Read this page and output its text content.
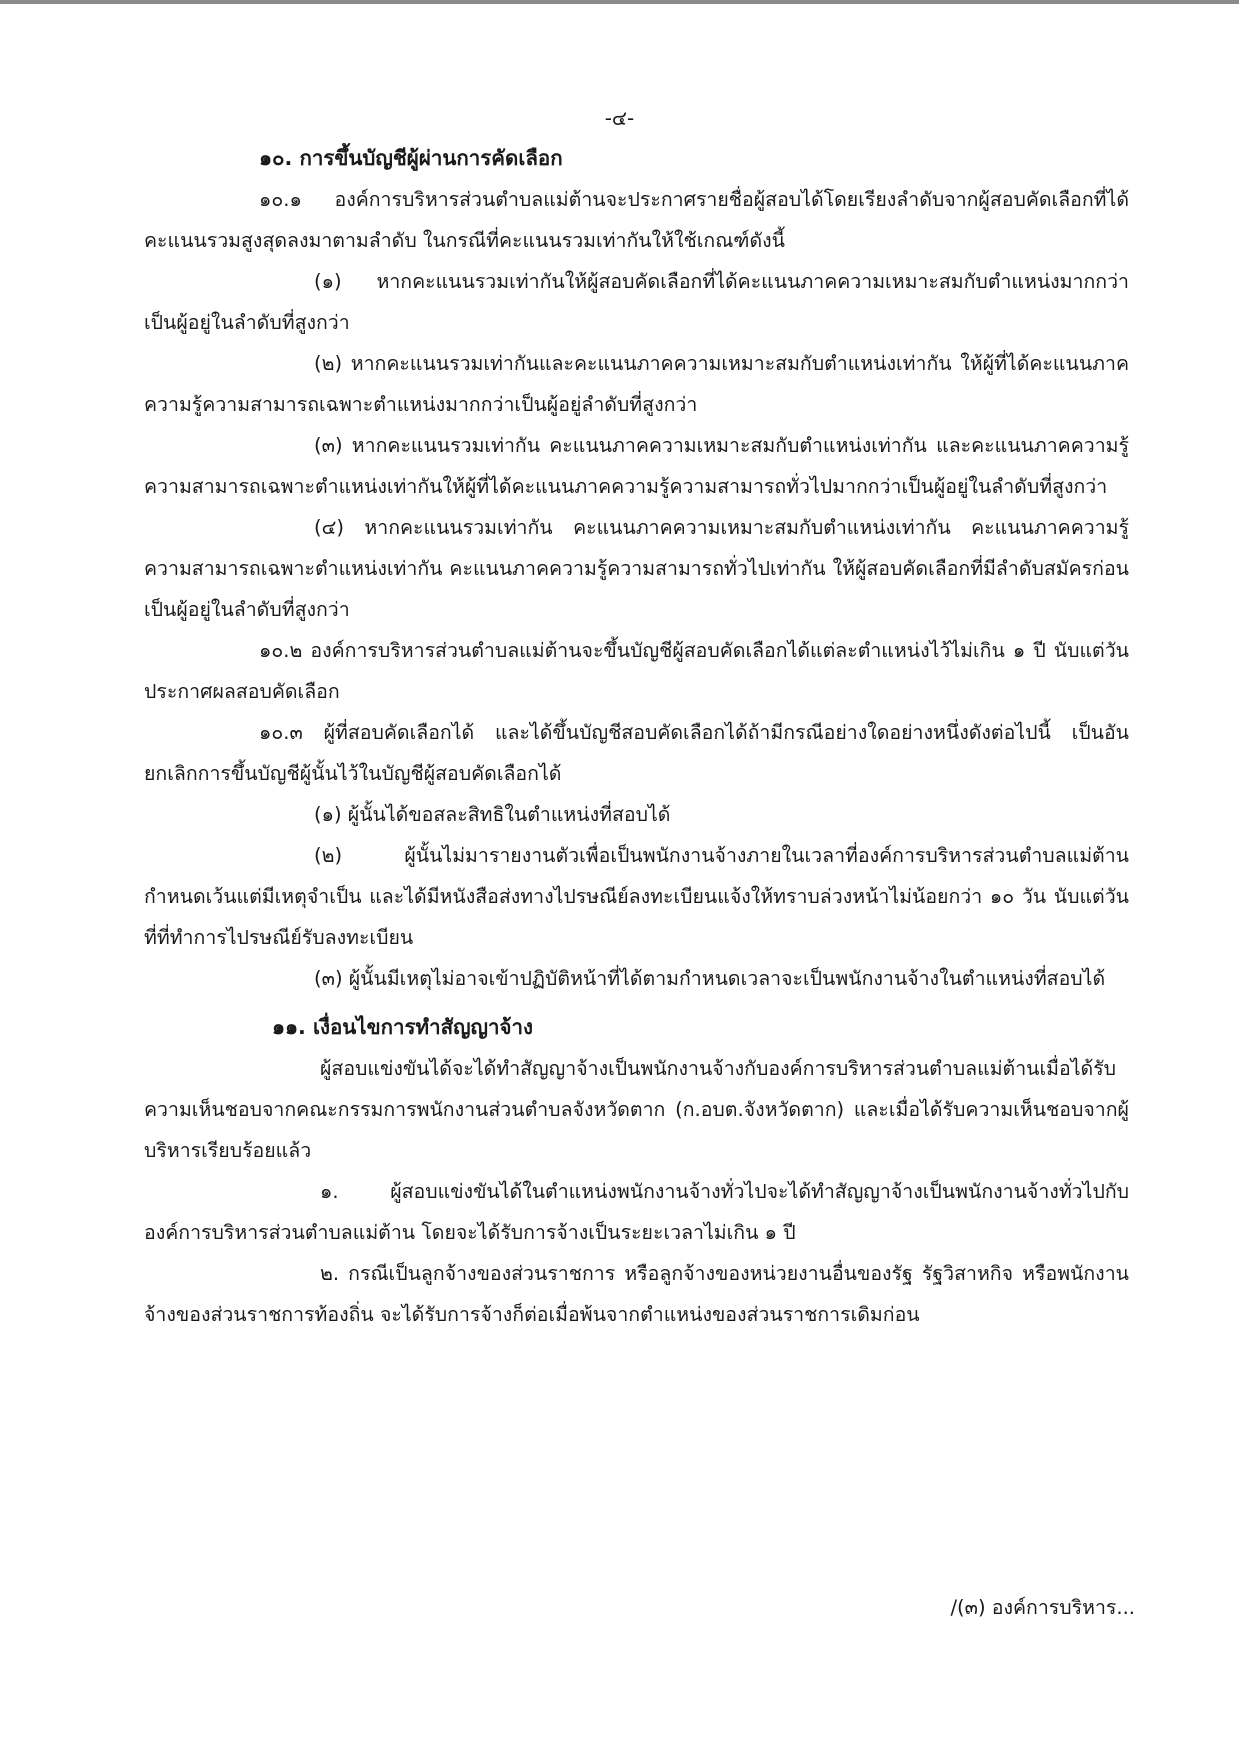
-๔-

๑๐. การขึ้นบัญชีผู้ผ่านการคัดเลือก

๑๐.๑ องค์การบริหารส่วนตำบลแม่ต้านจะประกาศรายชื่อผู้สอบได้โดยเรียงลำดับจากผู้สอบคัดเลือกที่ได้คะแนนรวมสูงสุดลงมาตามลำดับ ในกรณีที่คะแนนรวมเท่ากันให้ใช้เกณฑ์ดังนี้

(๑) หากคะแนนรวมเท่ากันให้ผู้สอบคัดเลือกที่ได้คะแนนภาคความเหมาะสมกับตำแหน่งมากกว่าเป็นผู้อยู่ในลำดับที่สูงกว่า

(๒) หากคะแนนรวมเท่ากันและคะแนนภาคความเหมาะสมกับตำแหน่งเท่ากัน ให้ผู้ที่ได้คะแนนภาคความรู้ความสามารถเฉพาะตำแหน่งมากกว่าเป็นผู้อยู่ลำดับที่สูงกว่า

(๓) หากคะแนนรวมเท่ากัน คะแนนภาคความเหมาะสมกับตำแหน่งเท่ากัน และคะแนนภาคความรู้ความสามารถเฉพาะตำแหน่งเท่ากันให้ผู้ที่ได้คะแนนภาคความรู้ความสามารถทั่วไปมากกว่าเป็นผู้อยู่ในลำดับที่สูงกว่า

(๔) หากคะแนนรวมเท่ากัน คะแนนภาคความเหมาะสมกับตำแหน่งเท่ากัน คะแนนภาคความรู้ความสามารถเฉพาะตำแหน่งเท่ากัน คะแนนภาคความรู้ความสามารถทั่วไปเท่ากัน ให้ผู้สอบคัดเลือกที่มีลำดับสมัครก่อนเป็นผู้อยู่ในลำดับที่สูงกว่า

๑๐.๒ องค์การบริหารส่วนตำบลแม่ต้านจะขึ้นบัญชีผู้สอบคัดเลือกได้แต่ละตำแหน่งไว้ไม่เกิน ๑ ปี นับแต่วันประกาศผลสอบคัดเลือก

๑๐.๓ ผู้ที่สอบคัดเลือกได้ และได้ขึ้นบัญชีสอบคัดเลือกได้ถ้ามีกรณีอย่างใดอย่างหนึ่งดังต่อไปนี้ เป็นอันยกเลิกการขึ้นบัญชีผู้นั้นไว้ในบัญชีผู้สอบคัดเลือกได้

(๑) ผู้นั้นได้ขอสละสิทธิในตำแหน่งที่สอบได้

(๒) ผู้นั้นไม่มารายงานตัวเพื่อเป็นพนักงานจ้างภายในเวลาที่องค์การบริหารส่วนตำบลแม่ต้านกำหนดเว้นแต่มีเหตุจำเป็น และได้มีหนังสือส่งทางไปรษณีย์ลงทะเบียนแจ้งให้ทราบล่วงหน้าไม่น้อยกว่า ๑๐ วัน นับแต่วันที่ที่ทำการไปรษณีย์รับลงทะเบียน

(๓) ผู้นั้นมีเหตุไม่อาจเข้าปฏิบัติหน้าที่ได้ตามกำหนดเวลาจะเป็นพนักงานจ้างในตำแหน่งที่สอบได้

๑๑. เงื่อนไขการทำสัญญาจ้าง

ผู้สอบแข่งขันได้จะได้ทำสัญญาจ้างเป็นพนักงานจ้างกับองค์การบริหารส่วนตำบลแม่ต้านเมื่อได้รับความเห็นชอบจากคณะกรรมการพนักงานส่วนตำบลจังหวัดตาก (ก.อบต.จังหวัดตาก) และเมื่อได้รับความเห็นชอบจากผู้บริหารเรียบร้อยแล้ว

๑. ผู้สอบแข่งขันได้ในตำแหน่งพนักงานจ้างทั่วไปจะได้ทำสัญญาจ้างเป็นพนักงานจ้างทั่วไปกับองค์การบริหารส่วนตำบลแม่ต้าน โดยจะได้รับการจ้างเป็นระยะเวลาไม่เกิน ๑ ปี

๒. กรณีเป็นลูกจ้างของส่วนราชการ หรือลูกจ้างของหน่วยงานอื่นของรัฐ รัฐวิสาหกิจ หรือพนักงานจ้างของส่วนราชการท้องถิ่น จะได้รับการจ้างก็ต่อเมื่อพ้นจากตำแหน่งของส่วนราชการเดิมก่อน

/(๓) องค์การบริหาร...
